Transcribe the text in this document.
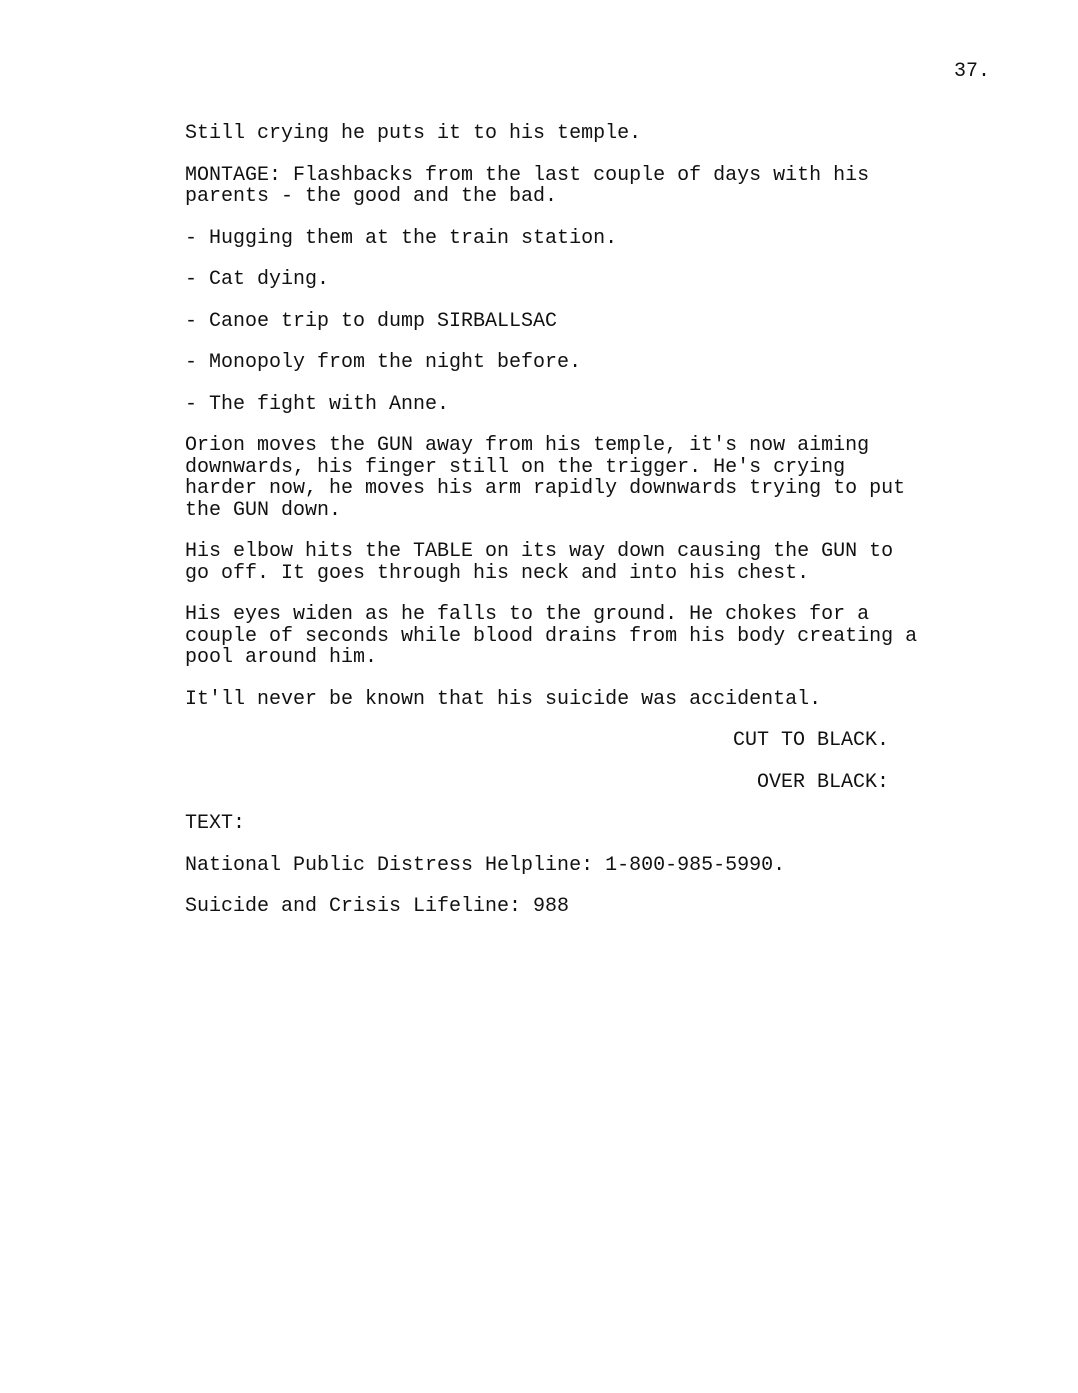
37.

Still crying he puts it to his temple.

MONTAGE: Flashbacks from the last couple of days with his
parents - the good and the bad.

- Hugging them at the train station.

- Cat dying.

- Canoe trip to dump SIRBALLSAC

- Monopoly from the night before.

- The fight with Anne.

Orion moves the GUN away from his temple, it's now aiming
downwards, his finger still on the trigger. He's crying
harder now, he moves his arm rapidly downwards trying to put
the GUN down.

His elbow hits the TABLE on its way down causing the GUN to
go off. It goes through his neck and into his chest.

His eyes widen as he falls to the ground. He chokes for a
couple of seconds while blood drains from his body creating a
pool around him.

It'll never be known that his suicide was accidental.

CUT TO BLACK.

OVER BLACK:

TEXT:

National Public Distress Helpline: 1-800-985-5990.

Suicide and Crisis Lifeline: 988
